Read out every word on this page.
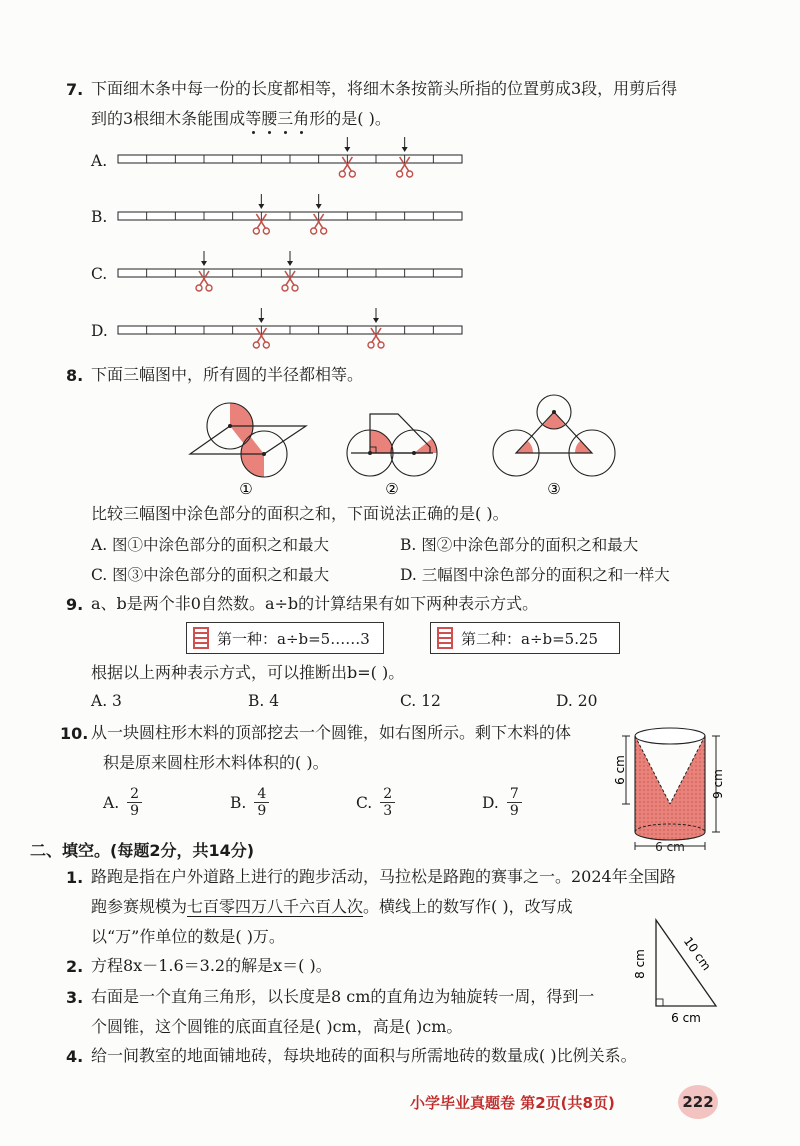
7. 下面细木条中每一份的长度都相等，将细木条按箭头所指的位置剪成3段，用剪后得
到的3根细木条能围成等腰三角形的是( )。
A.
B.
C.
D.
8. 下面三幅图中，所有圆的半径都相等。
①	②	③
比较三幅图中涂色部分的面积之和，下面说法正确的是( )。
A. 图①中涂色部分的面积之和最大	B. 图②中涂色部分的面积之和最大
C. 图③中涂色部分的面积之和最大	D. 三幅图中涂色部分的面积之和一样大
9. a、b是两个非0自然数。a÷b的计算结果有如下两种表示方式。
第一种：a÷b=5……3	第二种：a÷b=5.25
根据以上两种表示方式，可以推断出b=( )。
A. 3	B. 4	C. 12	D. 20
10. 从一块圆柱形木料的顶部挖去一个圆锥，如右图所示。剩下木料的体
积是原来圆柱形木料体积的( )。
A. $\frac{2}{9}$	B. $\frac{4}{9}$	C. $\frac{2}{3}$	D. $\frac{7}{9}$
6 cm	9 cm
6 cm
二、填空。(每题2分，共14分)
1. 路跑是指在户外道路上进行的跑步活动，马拉松是路跑的赛事之一。2024年全国路
跑参赛规模为七百零四万八千六百人次。横线上的数写作( )，改写成
以“万”作单位的数是( )万。
2. 方程8x－1.6＝3.2的解是x＝( )。
3. 右面是一个直角三角形，以长度是8 cm的直角边为轴旋转一周，得到一
个圆锥，这个圆锥的底面直径是( )cm，高是( )cm。
8 cm	10 cm
6 cm
4. 给一间教室的地面铺地砖，每块地砖的面积与所需地砖的数量成( )比例关系。
小学毕业真题卷 第2页(共8页)	222
